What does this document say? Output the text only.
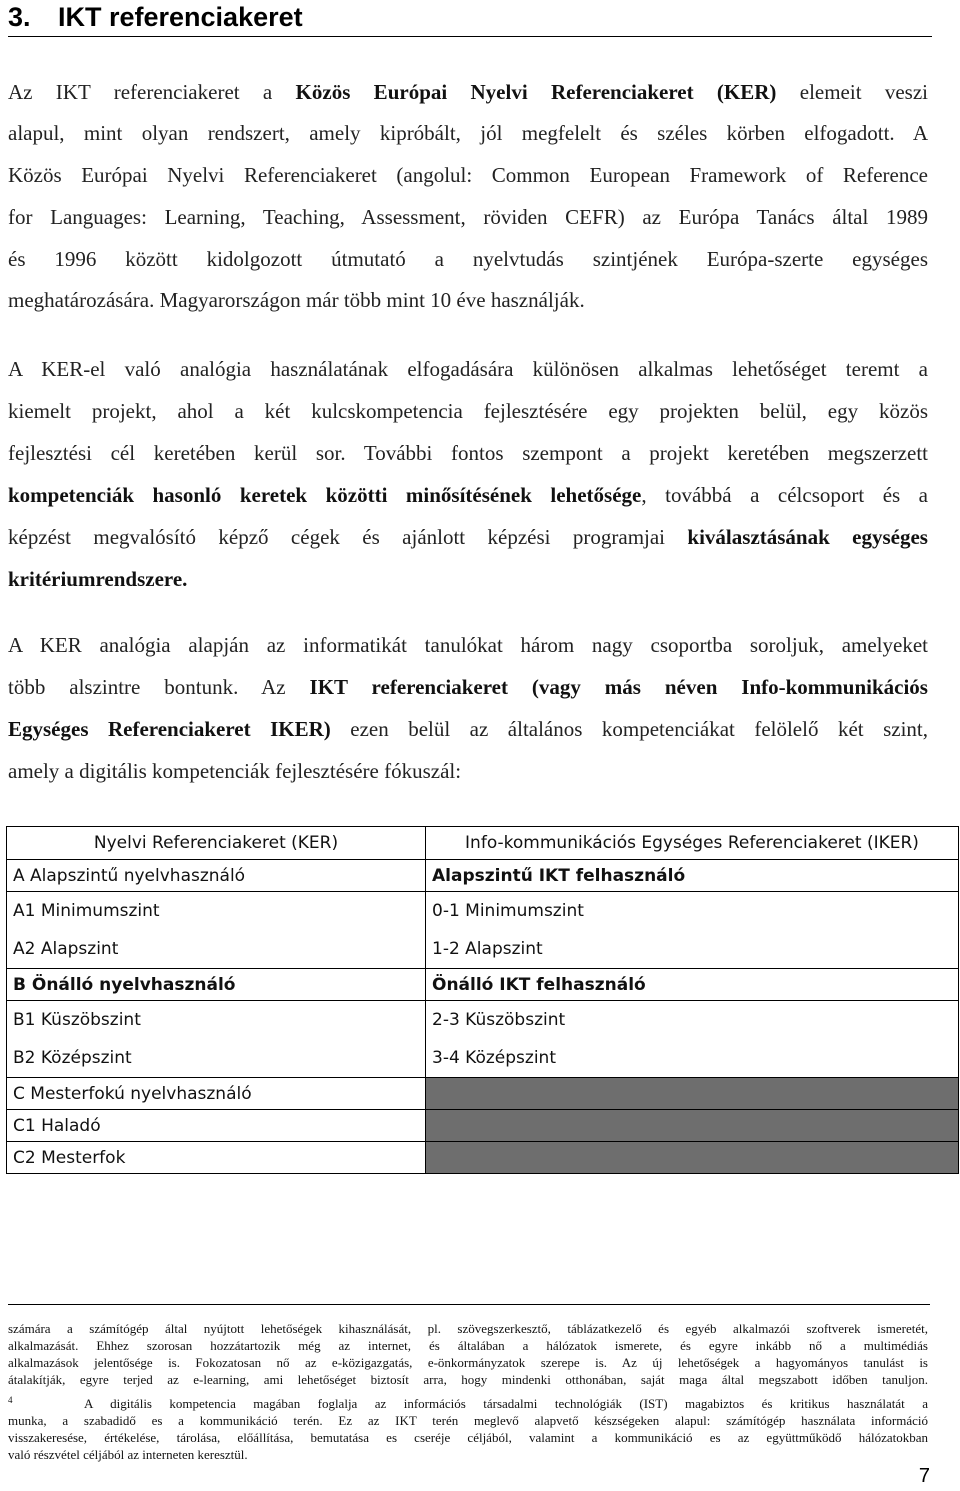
3. IKT referenciakeret
Az IKT referenciakeret a Közös Európai Nyelvi Referenciakeret (KER) elemeit veszi
alapul, mint olyan rendszert, amely kipróbált, jól megfelelt és széles körben elfogadott. A
Közös Európai Nyelvi Referenciakeret (angolul: Common European Framework of Reference
for Languages: Learning, Teaching, Assessment, röviden CEFR) az Európa Tanács által 1989
és 1996 között kidolgozott útmutató a nyelvtudás szintjének Európa-szerte egységes
meghatározására. Magyarországon már több mint 10 éve használják.
A KER-el való analógia használatának elfogadására különösen alkalmas lehetőséget teremt a
kiemelt projekt, ahol a két kulcskompetencia fejlesztésére egy projekten belül, egy közös
fejlesztési cél keretében kerül sor. További fontos szempont a projekt keretében megszerzett
kompetenciák hasonló keretek közötti minősítésének lehetősége, továbbá a célcsoport és a
képzést megvalósító képző cégek és ajánlott képzési programjai kiválasztásának egységes
kritériumrendszere.
A KER analógia alapján az informatikát tanulókat három nagy csoportba soroljuk, amelyeket
több alszintre bontunk. Az IKT referenciakeret (vagy más néven Info-kommunikációs
Egységes Referenciakeret IKER) ezen belül az általános kompetenciákat felölelő két szint,
amely a digitális kompetenciák fejlesztésére fókuszál:
Nyelvi Referenciakeret (KER)	Info-kommunikációs Egységes Referenciakeret (IKER)
A Alapszintű nyelvhasználó	Alapszintű IKT felhasználó
A1 Minimumszint	0-1 Minimumszint
A2 Alapszint	1-2 Alapszint
B Önálló nyelvhasználó	Önálló IKT felhasználó
B1 Küszöbszint	2-3 Küszöbszint
B2 Középszint	3-4 Középszint
C Mesterfokú nyelvhasználó	
C1 Haladó	
C2 Mesterfok	
számára a számítógép által nyújtott lehetőségek kihasználását, pl. szövegszerkesztő, táblázatkezelő és egyéb alkalmazói szoftverek ismeretét,
alkalmazását. Ehhez szorosan hozzátartozik még az internet, és általában a hálózatok ismerete, és egyre inkább nő a multimédiás
alkalmazások jelentősége is. Fokozatosan nő az e-közigazgatás, e-önkormányzatok szerepe is. Az új lehetőségek a hagyományos tanulást is
átalakítják, egyre terjed az e-learning, ami lehetőséget biztosít arra, hogy mindenki otthonában, saját maga által megszabott időben tanuljon.
$^4$	A digitális kompetencia magában foglalja az információs társadalmi technológiák (IST) magabiztos és kritikus használatát a
munka, a szabadidő es a kommunikáció terén. Ez az IKT terén meglevő alapvető készségeken alapul: számítógép használata információ
visszakeresése, értékelése, tárolása, előállítása, bemutatása es cseréje céljából, valamint a kommunikáció es az együttműködő hálózatokban
való részvétel céljából az interneten keresztül.
7
